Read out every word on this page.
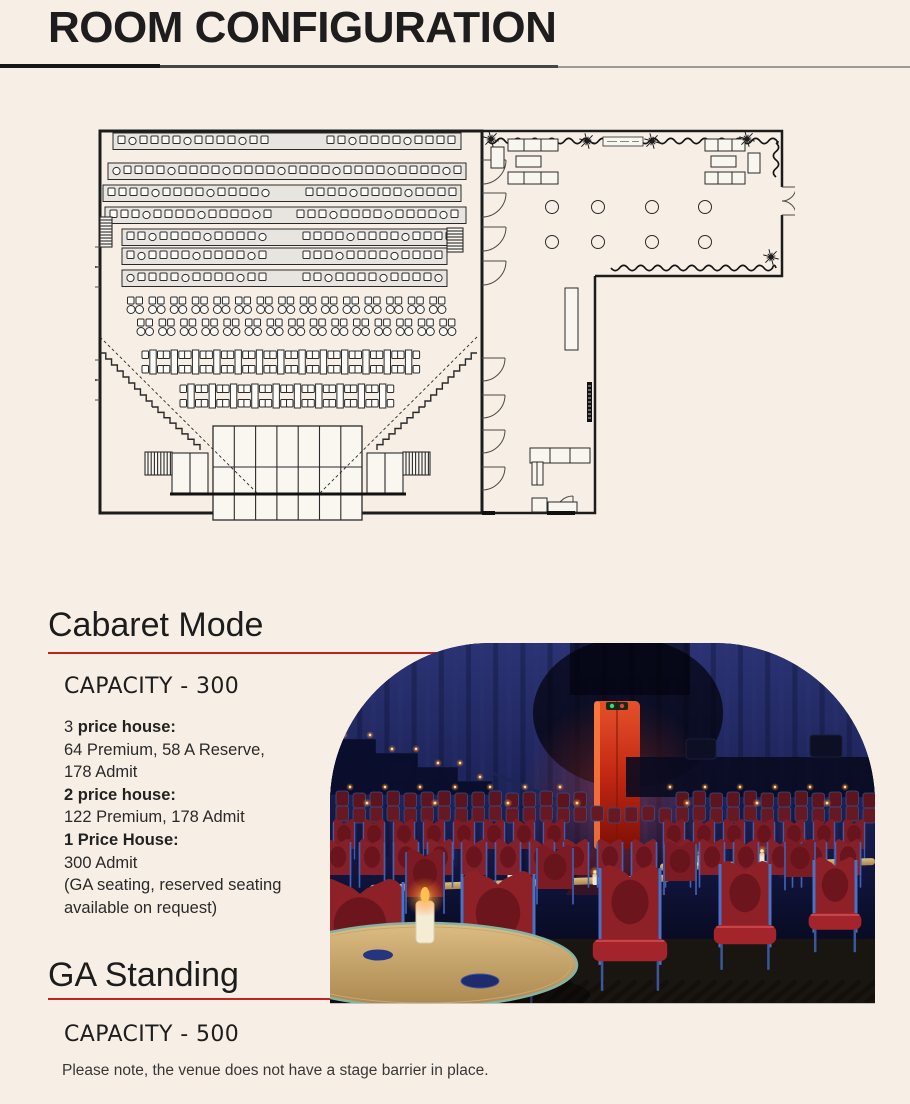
ROOM CONFIGURATION
Cabaret Mode
CAPACITY - 300
3 price house:
64 Premium, 58 A Reserve,
178 Admit
2 price house:
122 Premium, 178 Admit
1 Price House:
300 Admit
(GA seating, reserved seating
available on request)
GA Standing
CAPACITY - 500

Please note, the venue does not have a stage barrier in place.
